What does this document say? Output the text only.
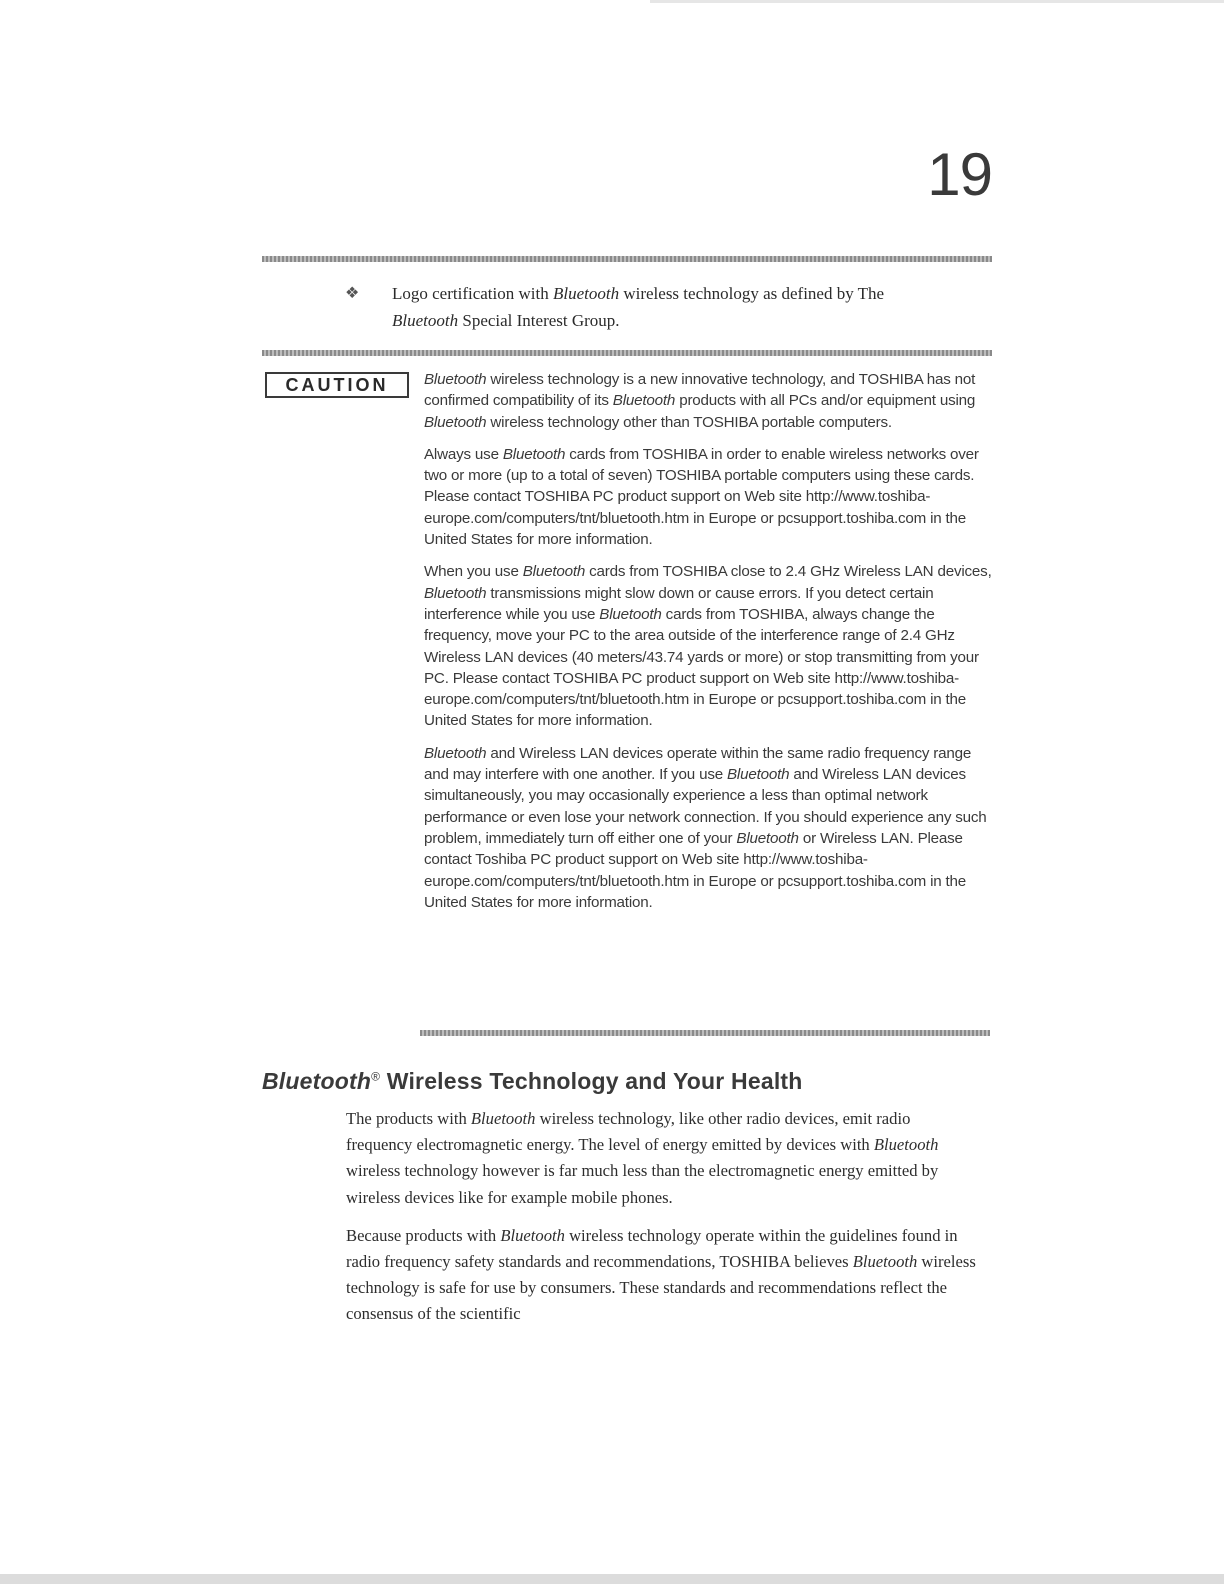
19
❖ Logo certification with Bluetooth wireless technology as defined by The
Bluetooth Special Interest Group.
CAUTION	Bluetooth wireless technology is a new innovative technology, and TOSHIBA has not confirmed compatibility of its Bluetooth products with all PCs and/or equipment using Bluetooth wireless technology other than TOSHIBA portable computers.

Always use Bluetooth cards from TOSHIBA in order to enable wireless networks over two or more (up to a total of seven) TOSHIBA portable computers using these cards. Please contact TOSHIBA PC product support on Web site http://www.toshiba-europe.com/computers/tnt/bluetooth.htm in Europe or pcsupport.toshiba.com in the United States for more information.

When you use Bluetooth cards from TOSHIBA close to 2.4 GHz Wireless LAN devices, Bluetooth transmissions might slow down or cause errors. If you detect certain interference while you use Bluetooth cards from TOSHIBA, always change the frequency, move your PC to the area outside of the interference range of 2.4 GHz Wireless LAN devices (40 meters/43.74 yards or more) or stop transmitting from your PC. Please contact TOSHIBA PC product support on Web site http://www.toshiba-europe.com/computers/tnt/bluetooth.htm in Europe or pcsupport.toshiba.com in the United States for more information.

Bluetooth and Wireless LAN devices operate within the same radio frequency range and may interfere with one another. If you use Bluetooth and Wireless LAN devices simultaneously, you may occasionally experience a less than optimal network performance or even lose your network connection. If you should experience any such problem, immediately turn off either one of your Bluetooth or Wireless LAN. Please contact Toshiba PC product support on Web site http://www.toshiba-europe.com/computers/tnt/bluetooth.htm in Europe or pcsupport.toshiba.com in the United States for more information.

Bluetooth® Wireless Technology and Your Health

The products with Bluetooth wireless technology, like other radio devices, emit radio frequency electromagnetic energy. The level of energy emitted by devices with Bluetooth wireless technology however is far much less than the electromagnetic energy emitted by wireless devices like for example mobile phones.

Because products with Bluetooth wireless technology operate within the guidelines found in radio frequency safety standards and recommendations, TOSHIBA believes Bluetooth wireless technology is safe for use by consumers. These standards and recommendations reflect the consensus of the scientific
